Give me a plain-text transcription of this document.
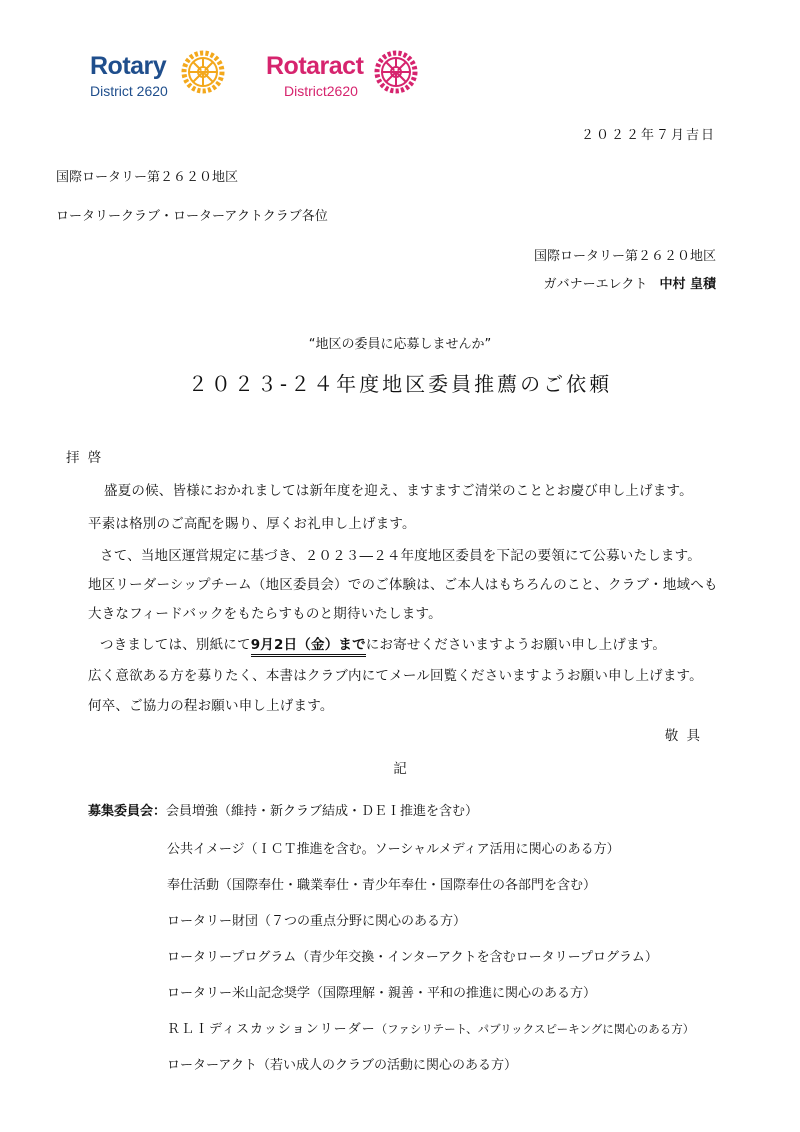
Rotary
District 2620
Rotaract
District2620
２０２２年７月吉日
国際ロータリー第２６２０地区
ロータリークラブ・ローターアクトクラブ各位
国際ロータリー第２６２０地区
ガバナーエレクト 中村 皇積
“地区の委員に応募しませんか”
２０２３-２４年度地区委員推薦のご依頼
拝 啓
盛夏の候、皆様におかれましては新年度を迎え、ますますご清栄のこととお慶び申し上げます。
平素は格別のご高配を賜り、厚くお礼申し上げます。
さて、当地区運営規定に基づき、２０２３―２４年度地区委員を下記の要領にて公募いたします。
地区リーダーシップチーム（地区委員会）でのご体験は、ご本人はもちろんのこと、クラブ・地域へも
大きなフィードバックをもたらすものと期待いたします。
つきましては、別紙にて9月2日（金）までにお寄せくださいますようお願い申し上げます。
広く意欲ある方を募りたく、本書はクラブ内にてメール回覧くださいますようお願い申し上げます。
何卒、ご協力の程お願い申し上げます。
敬 具
記
募集委員会：会員増強（維持・新クラブ結成・ＤＥＩ推進を含む）
公共イメージ（ＩＣＴ推進を含む。ソーシャルメディア活用に関心のある方）
奉仕活動（国際奉仕・職業奉仕・青少年奉仕・国際奉仕の各部門を含む）
ロータリー財団（７つの重点分野に関心のある方）
ロータリープログラム（青少年交換・インターアクトを含むロータリープログラム）
ロータリー米山記念奨学（国際理解・親善・平和の推進に関心のある方）
ＲＬＩディスカッションリーダー（ファシリテート、パブリックスピーキングに関心のある方）
ローターアクト（若い成人のクラブの活動に関心のある方）
